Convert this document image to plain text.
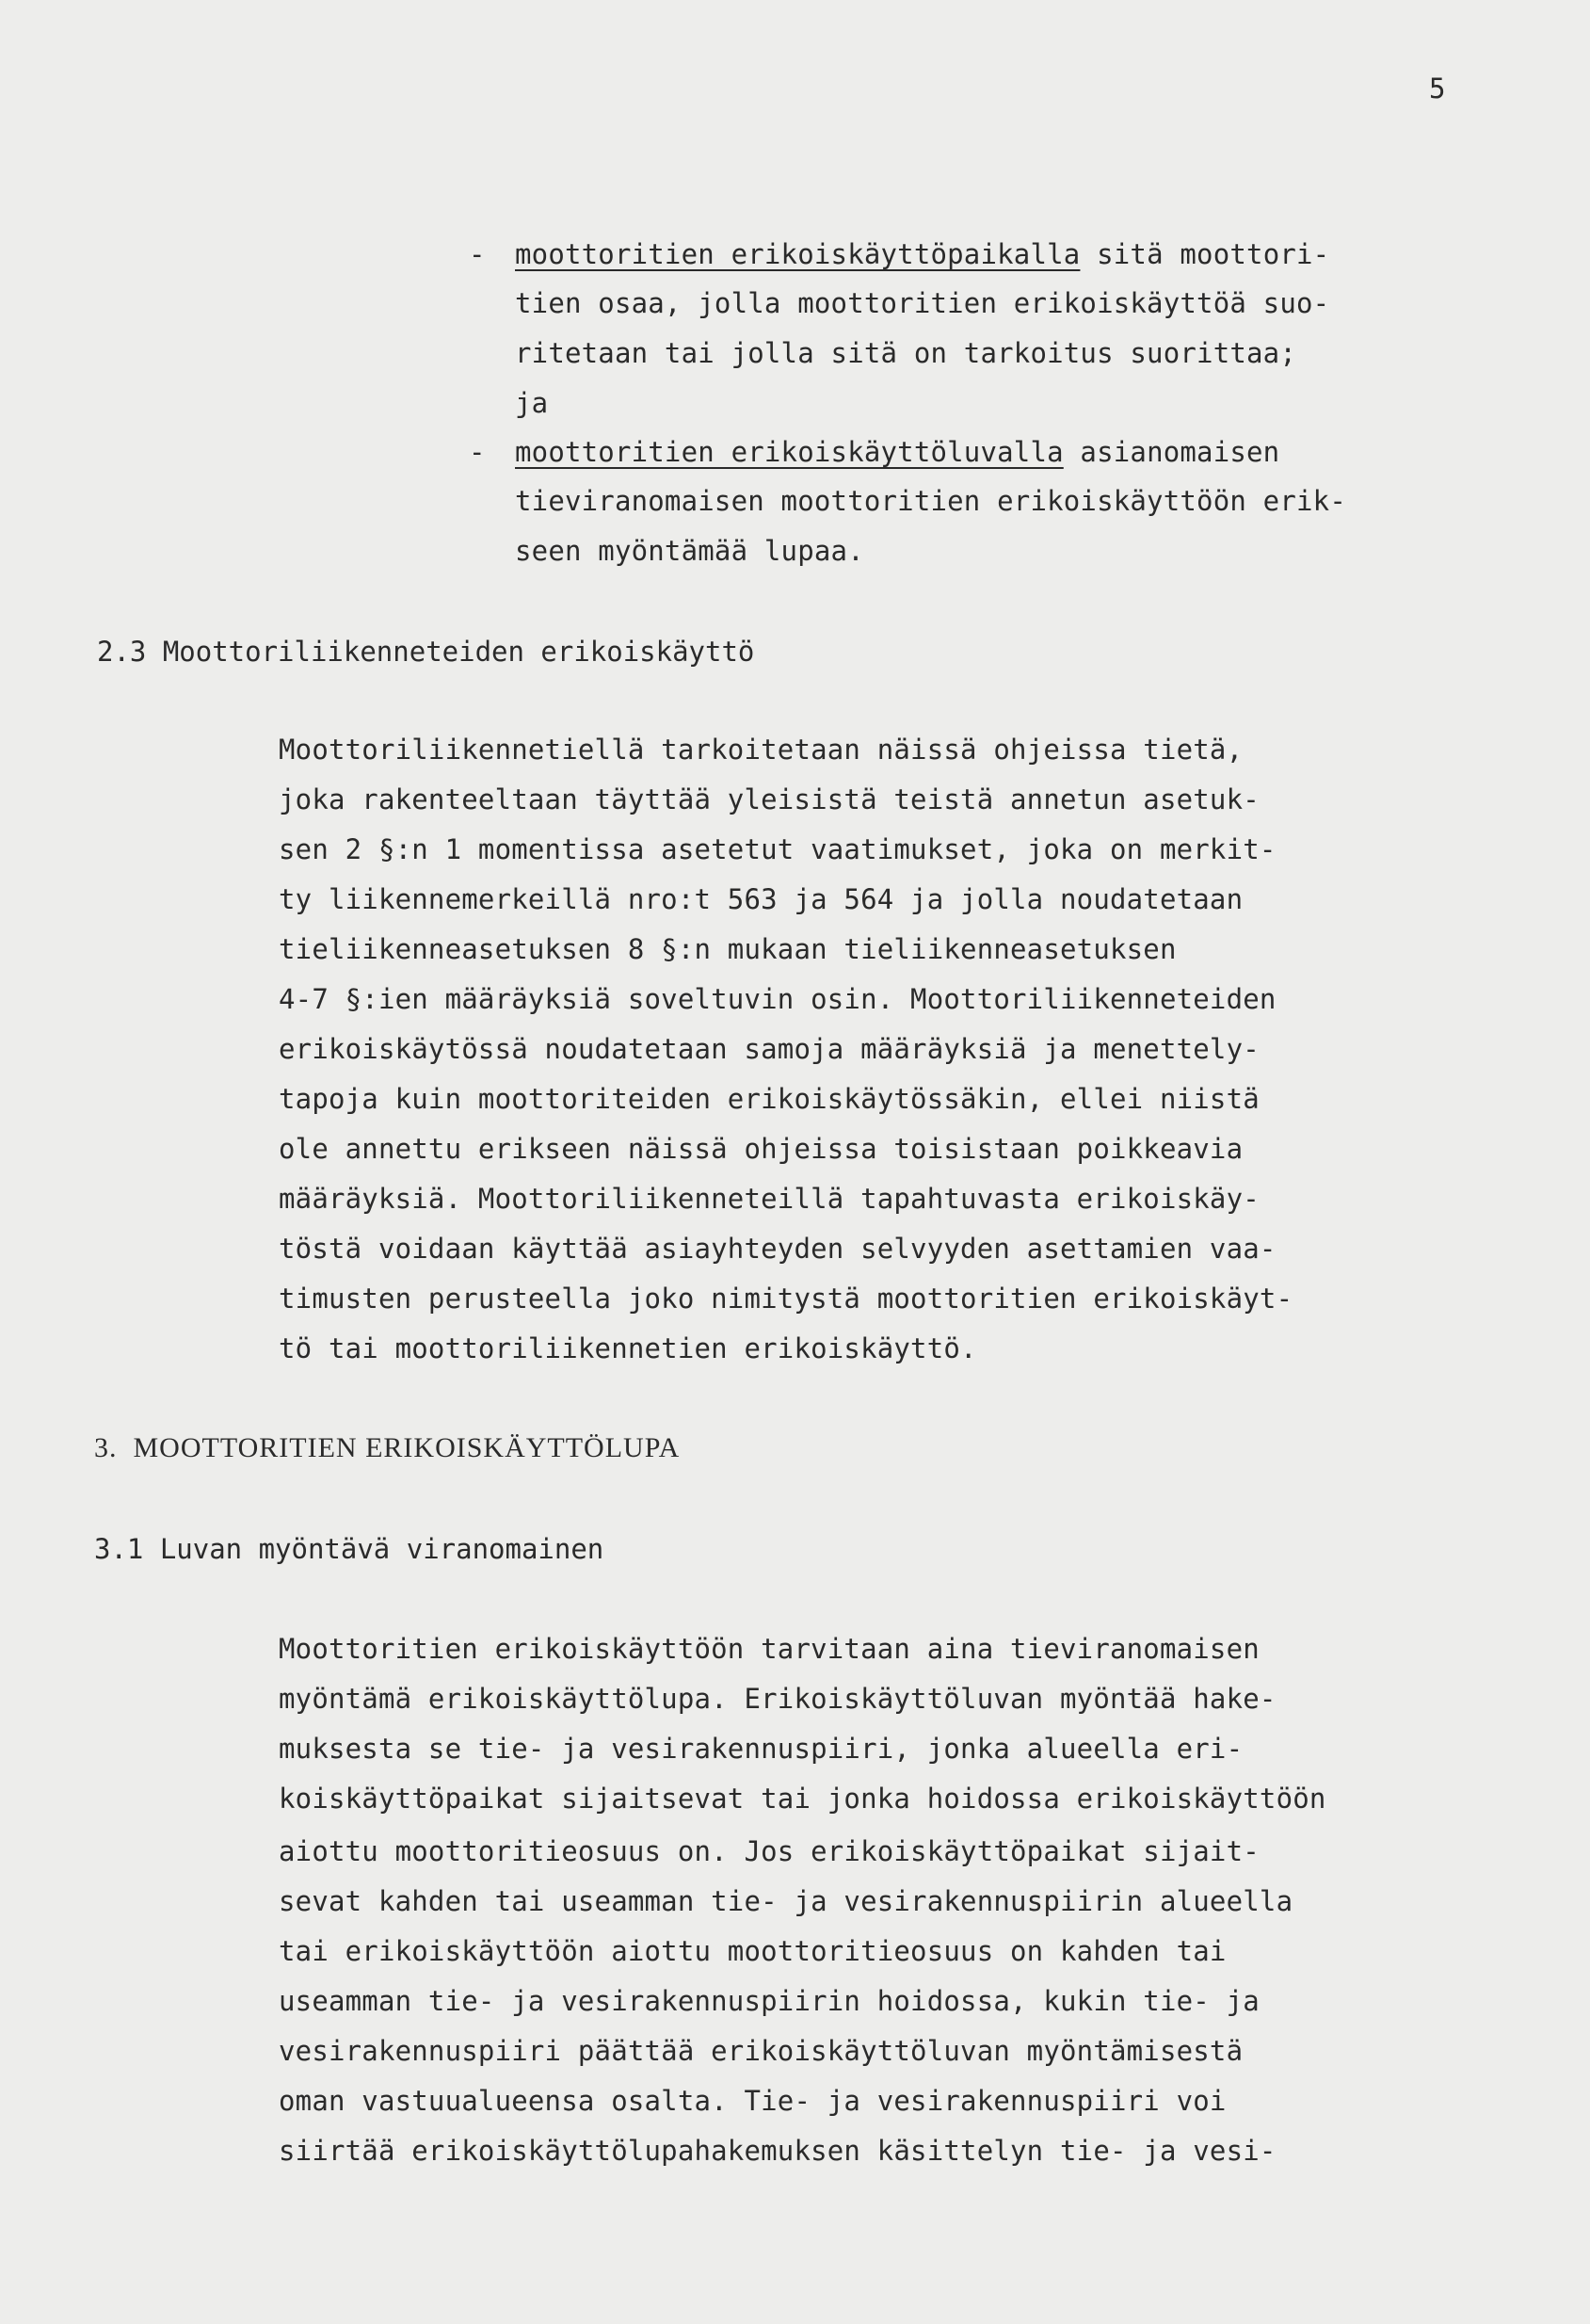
5
- moottoritien erikoiskäyttöpaikalla sitä moottori-
tien osaa, jolla moottoritien erikoiskäyttöä suo-
ritetaan tai jolla sitä on tarkoitus suorittaa;
ja
- moottoritien erikoiskäyttöluvalla asianomaisen
tieviranomaisen moottoritien erikoiskäyttöön erik-
seen myöntämää lupaa.
2.3 Moottoriliikenneteiden erikoiskäyttö
Moottoriliikennetiellä tarkoitetaan näissä ohjeissa tietä,
joka rakenteeltaan täyttää yleisistä teistä annetun asetuk-
sen 2 §:n 1 momentissa asetetut vaatimukset, joka on merkit-
ty liikennemerkeillä nro:t 563 ja 564 ja jolla noudatetaan
tieliikenneasetuksen 8 §:n mukaan tieliikenneasetuksen
4-7 §:ien määräyksiä soveltuvin osin. Moottoriliikenneteiden
erikoiskäytössä noudatetaan samoja määräyksiä ja menettely-
tapoja kuin moottoriteiden erikoiskäytössäkin, ellei niistä
ole annettu erikseen näissä ohjeissa toisistaan poikkeavia
määräyksiä. Moottoriliikenneteillä tapahtuvasta erikoiskäy-
töstä voidaan käyttää asiayhteyden selvyyden asettamien vaa-
timusten perusteella joko nimitystä moottoritien erikoiskäyt-
tö tai moottoriliikennetien erikoiskäyttö.
3.  MOOTTORITIEN ERIKOISKÄYTTÖLUPA
3.1 Luvan myöntävä viranomainen
Moottoritien erikoiskäyttöön tarvitaan aina tieviranomaisen
myöntämä erikoiskäyttölupa. Erikoiskäyttöluvan myöntää hake-
muksesta se tie- ja vesirakennuspiiri, jonka alueella eri-
koiskäyttöpaikat sijaitsevat tai jonka hoidossa erikoiskäyttöön
aiottu moottoritieosuus on. Jos erikoiskäyttöpaikat sijait-
sevat kahden tai useamman tie- ja vesirakennuspiirin alueella
tai erikoiskäyttöön aiottu moottoritieosuus on kahden tai
useamman tie- ja vesirakennuspiirin hoidossa, kukin tie- ja
vesirakennuspiiri päättää erikoiskäyttöluvan myöntämisestä
oman vastuualueensa osalta. Tie- ja vesirakennuspiiri voi
siirtää erikoiskäyttölupahakemuksen käsittelyn tie- ja vesi-
